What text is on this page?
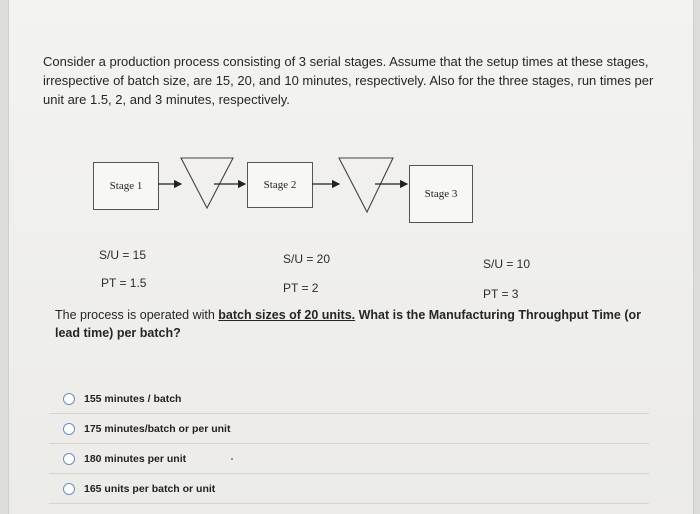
Consider a production process consisting of 3 serial stages. Assume that the setup times at these stages, irrespective of batch size, are 15, 20, and 10 minutes, respectively. Also for the three stages, run times per unit are 1.5, 2, and 3 minutes, respectively.
Stage 1	Stage 2
Stage 3
S/U = 15
PT = 1.5
S/U = 20
PT = 2
S/U = 10
PT = 3
The process is operated with batch sizes of 20 units. What is the Manufacturing Throughput Time (or lead time) per batch?
155 minutes / batch
175 minutes/batch or per unit
180 minutes per unit
165 units per batch or unit
